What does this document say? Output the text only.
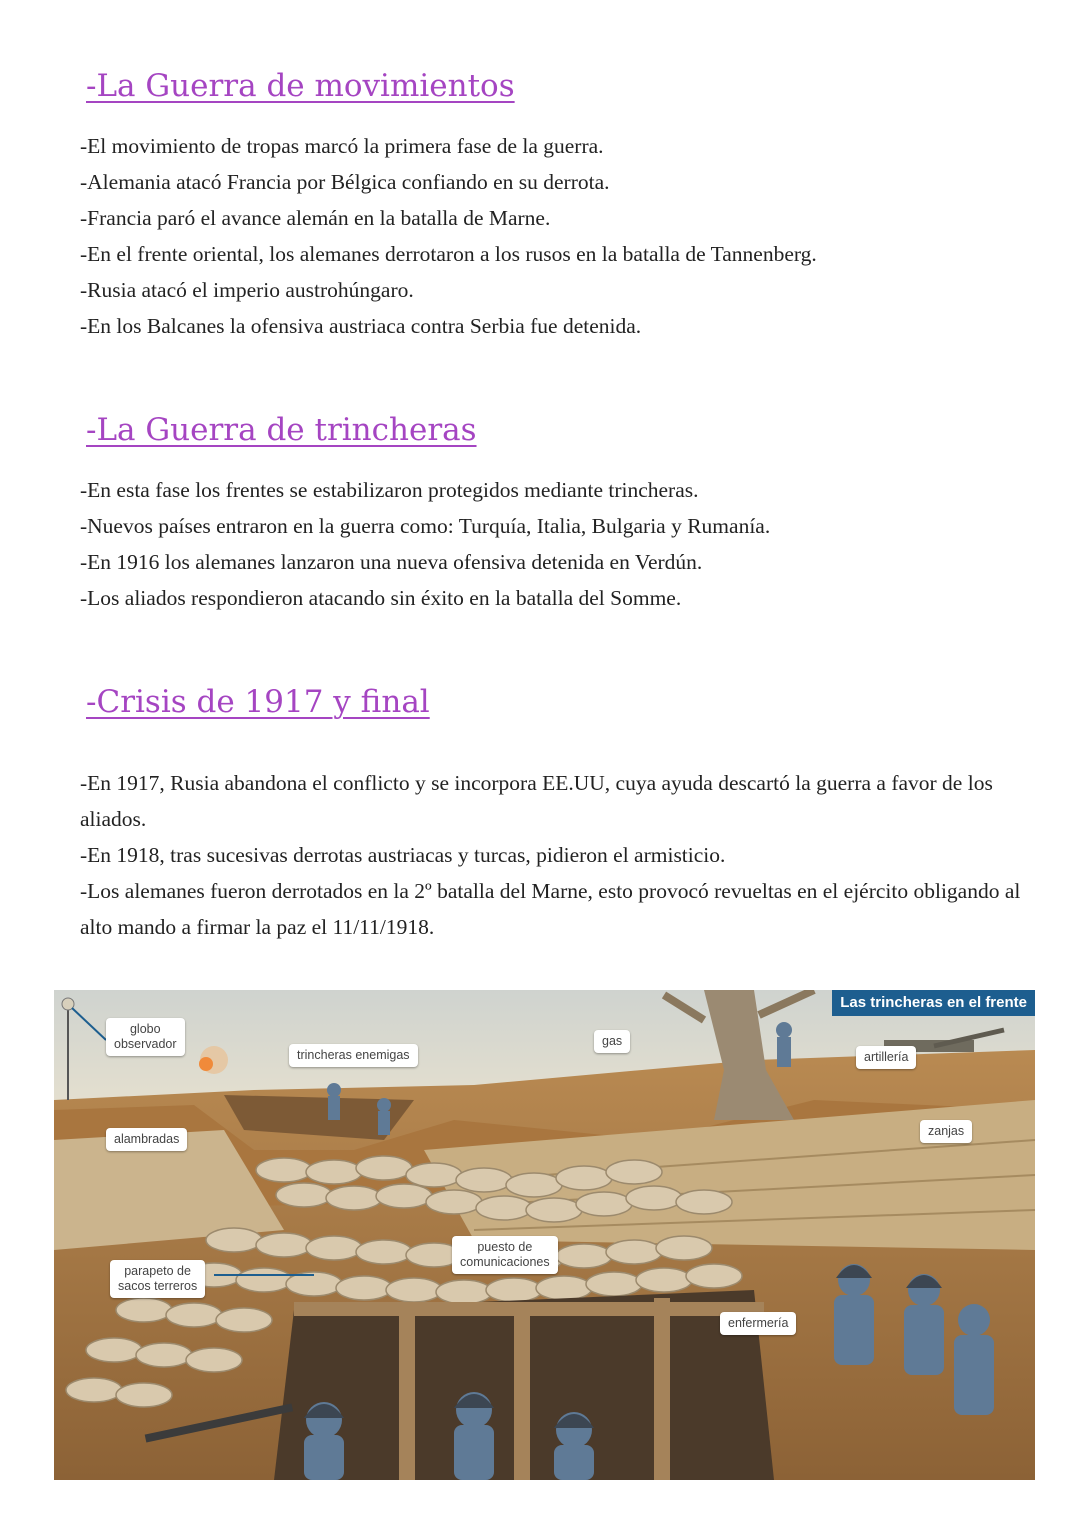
-La Guerra de movimientos

-El movimiento de tropas marcó la primera fase de la guerra.

-Alemania atacó Francia por Bélgica confiando en su derrota.

-Francia paró el avance alemán en la batalla de Marne.

-En el frente oriental, los alemanes derrotaron a los rusos en la batalla de Tannenberg.

-Rusia atacó el imperio austrohúngaro.

-En los Balcanes la ofensiva austriaca contra Serbia fue detenida.

-La Guerra de trincheras

-En esta fase los frentes se estabilizaron protegidos mediante trincheras.

-Nuevos países entraron en la guerra como: Turquía, Italia, Bulgaria y Rumanía.

-En 1916 los alemanes lanzaron una nueva ofensiva detenida en Verdún.

-Los aliados respondieron atacando sin éxito en la batalla del Somme.

-Crisis de 1917 y final

-En 1917, Rusia abandona el conflicto y se incorpora EE.UU, cuya ayuda descartó la guerra a favor de los aliados.

-En 1918, tras sucesivas derrotas austriacas y turcas, pidieron el armisticio.

-Los alemanes fueron derrotados en la 2º batalla del Marne, esto provocó revueltas en el ejército obligando al alto mando a firmar la paz el 11/11/1918.

Las trincheras en el frente
globo
observador
trincheras enemigas
gas
artillería
alambradas
zanjas
puesto de
comunicaciones
parapeto de
sacos terreros
enfermería
